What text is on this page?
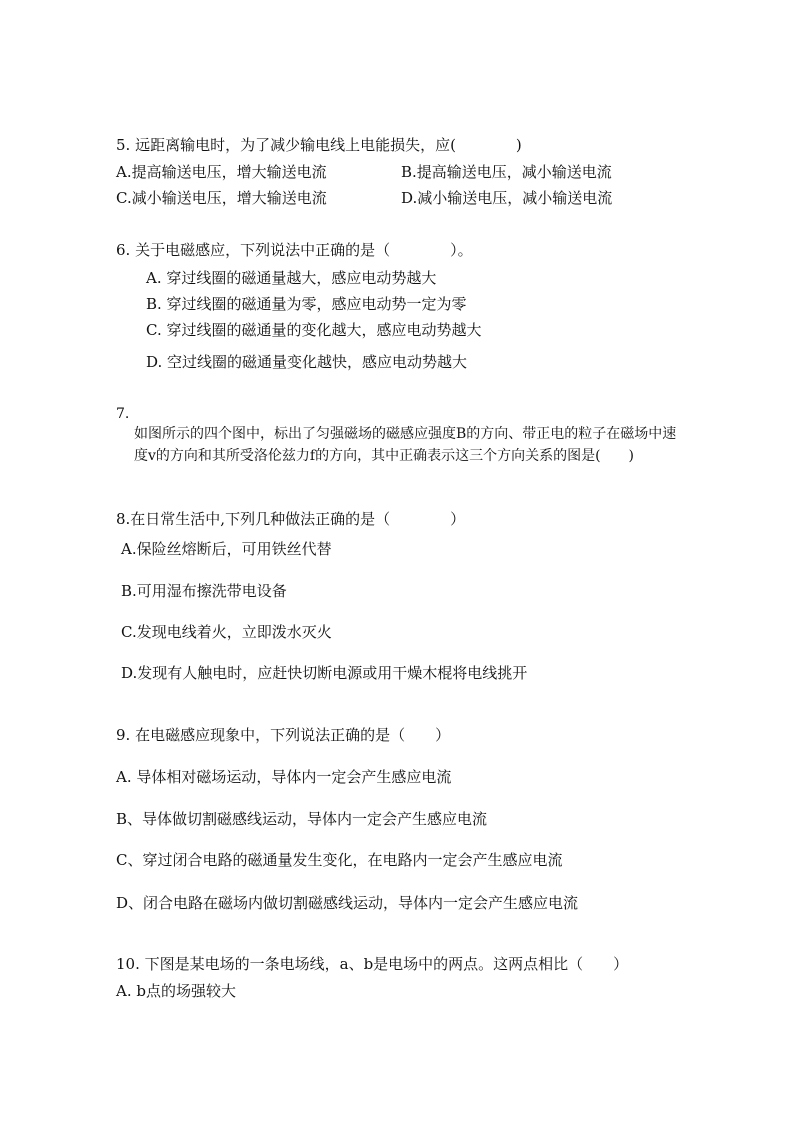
5. 远距离输电时，为了减少输电线上电能损失，应(　　　　)
A.提高输送电压，增大输送电流	B.提高输送电压，减小输送电流
C.减小输送电压，增大输送电流	D.减小输送电压，减小输送电流
6. 关于电磁感应，下列说法中正确的是（　　　　）。
A. 穿过线圈的磁通量越大，感应电动势越大
B. 穿过线圈的磁通量为零，感应电动势一定为零
C. 穿过线圈的磁通量的变化越大，感应电动势越大
D. 空过线圈的磁通量变化越快，感应电动势越大
7.
如图所示的四个图中，标出了匀强磁场的磁感应强度B的方向、带正电的粒子在磁场中速
度v的方向和其所受洛伦兹力f的方向，其中正确表示这三个方向关系的图是(　　)
8.在日常生活中,下列几种做法正确的是（　　　　）
A.保险丝熔断后，可用铁丝代替
B.可用湿布擦洗带电设备
C.发现电线着火，立即泼水灭火
D.发现有人触电时，应赶快切断电源或用干燥木棍将电线挑开
9. 在电磁感应现象中，下列说法正确的是（　　）
A. 导体相对磁场运动，导体内一定会产生感应电流
B、导体做切割磁感线运动，导体内一定会产生感应电流
C、穿过闭合电路的磁通量发生变化，在电路内一定会产生感应电流
D、闭合电路在磁场内做切割磁感线运动，导体内一定会产生感应电流
10. 下图是某电场的一条电场线，a、b是电场中的两点。这两点相比（　　）
A. b点的场强较大
